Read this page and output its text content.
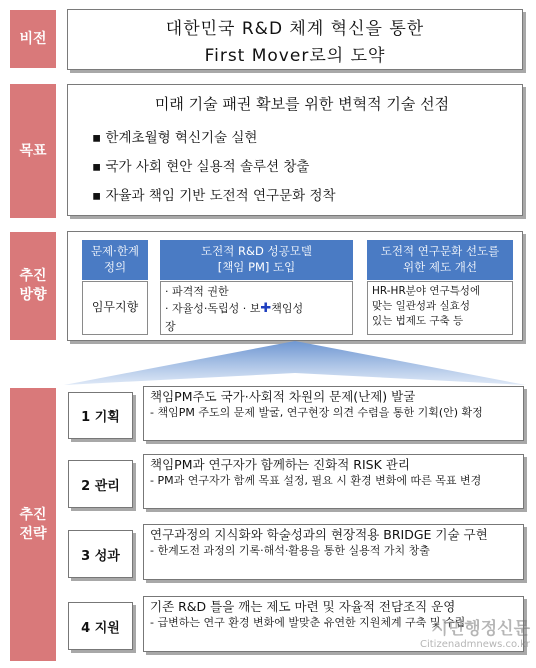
비전	대한민국 R&D 체계 혁신을 통한
First Mover로의 도약
목표
미래 기술 패권 확보를 위한 변혁적 기술 선점
▪ 한계초월형 혁신기술 실현
▪ 국가 사회 현안 실용적 솔루션 창출
▪ 자율과 책임 기반 도전적 연구문화 정착
추진
방향
문제·한계
정의
임무지향
도전적 R&D 성공모델
[책임 PM] 도입
· 파격적 권한
· 자율성·독립성 · 보✚책임성
장
도전적 연구문화 선도를
위한 제도 개선
HR-HR분야 연구특성에
맞는 일관성과 실효성
있는 법제도 구축 등
추진
전략
1 기획
책임PM주도 국가·사회적 차원의 문제(난제) 발굴
- 책임PM 주도의 문제 발굴, 연구현장 의견 수렴을 통한 기획(안) 확정
2 관리
책임PM과 연구자가 함께하는 진화적 RISK 관리
- PM과 연구자가 함께 목표 설정, 필요 시 환경 변화에 따른 목표 변경
3 성과
연구과정의 지식화와 학술성과의 현장적용 BRIDGE 기술 구현
- 한계도전 과정의 기록·해석·활용을 통한 실용적 가치 창출
4 지원
기존 R&D 틀을 깨는 제도 마련 및 자율적 전담조직 운영
- 급변하는 연구 환경 변화에 발맞춘 유연한 지원체계 구축 및 수립
시민행정신문
Citizenadmnews.co.kr
